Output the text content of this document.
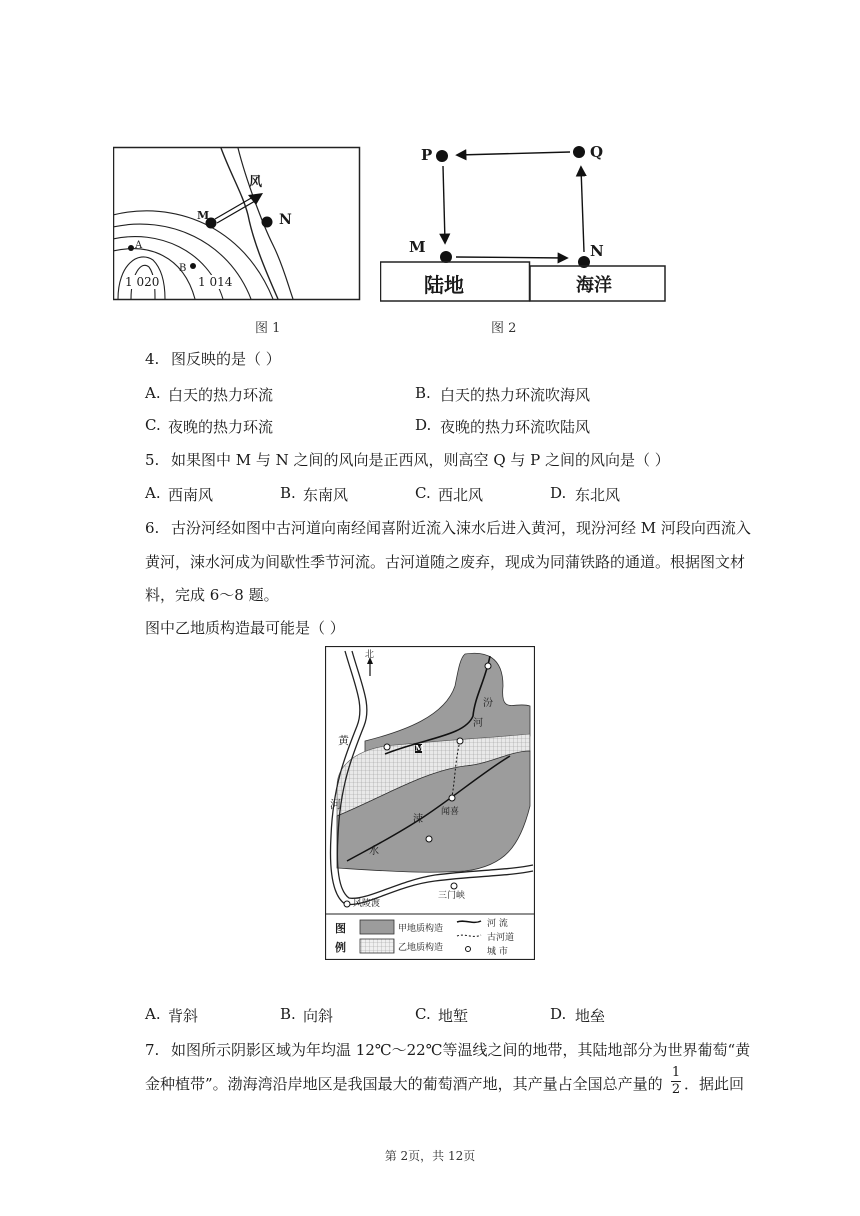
风
M	N
A
B
1 020	1 014
图 1
P	Q
M	N
陆地	海洋
图 2
4. 图反映的是（ ）
A. 白天的热力环流	B. 白天的热力环流吹海风
C. 夜晚的热力环流	D. 夜晚的热力环流吹陆风
5. 如果图中 M 与 N 之间的风向是正西风，则高空 Q 与 P 之间的风向是（ ）
A. 西南风	B. 东南风	C. 西北风	D. 东北风
6. 古汾河经如图中古河道向南经闻喜附近流入涑水后进入黄河，现汾河经 M 河段向西流入
黄河，涑水河成为间歇性季节河流。古河道随之废弃，现成为同蒲铁路的通道。根据图文材
料，完成 6～8 题。
图中乙地质构造最可能是（ ）
北
黄
河
汾
河
涑
水
M
闻喜
风陵渡
三门峡
图
例
甲地质构造
乙地质构造
河 流
古河道
城 市
A. 背斜	B. 向斜	C. 地堑	D. 地垒
7. 如图所示阴影区域为年均温 12℃～22℃等温线之间的地带，其陆地部分为世界葡萄“黄
金种植带”。渤海湾沿岸地区是我国最大的葡萄酒产地，其产量占全国总产量的
1
2 ．据此回
第 2页，共 12页
